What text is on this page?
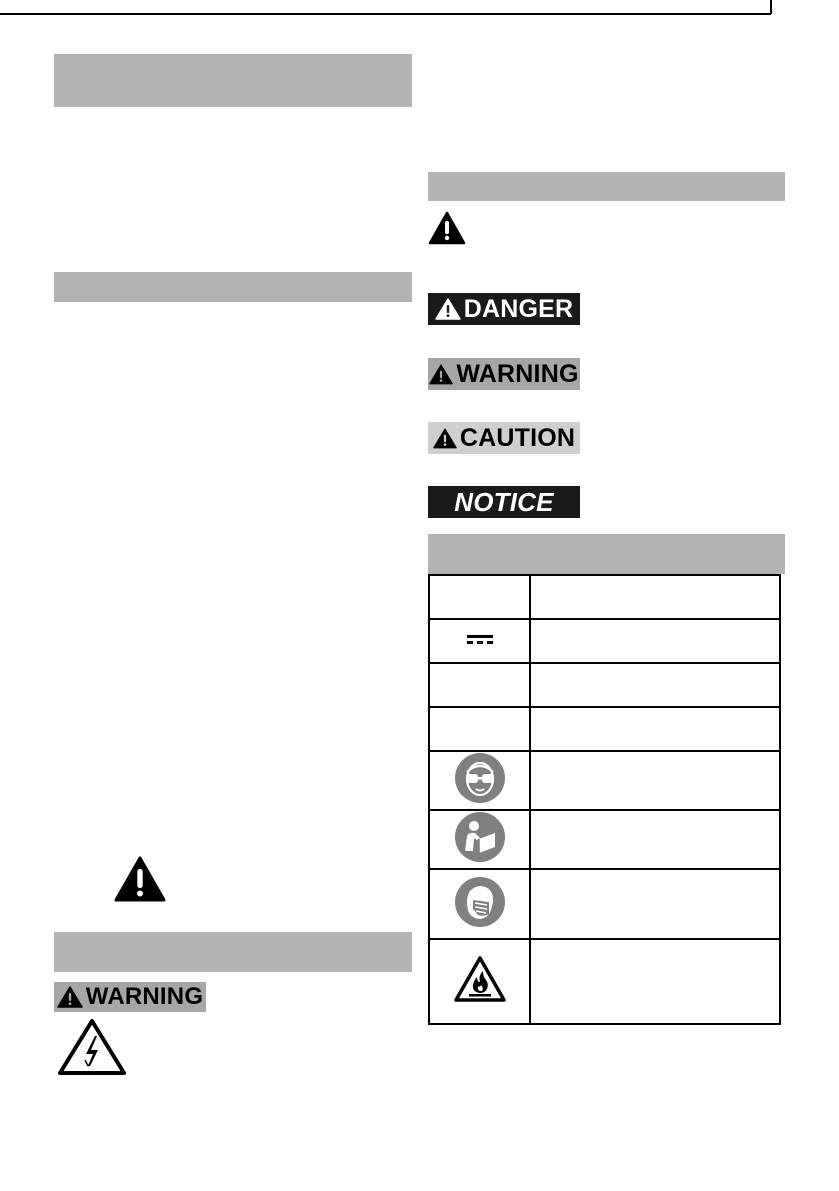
WARNING
DANGER
WARNING
CAUTION
NOTICE
